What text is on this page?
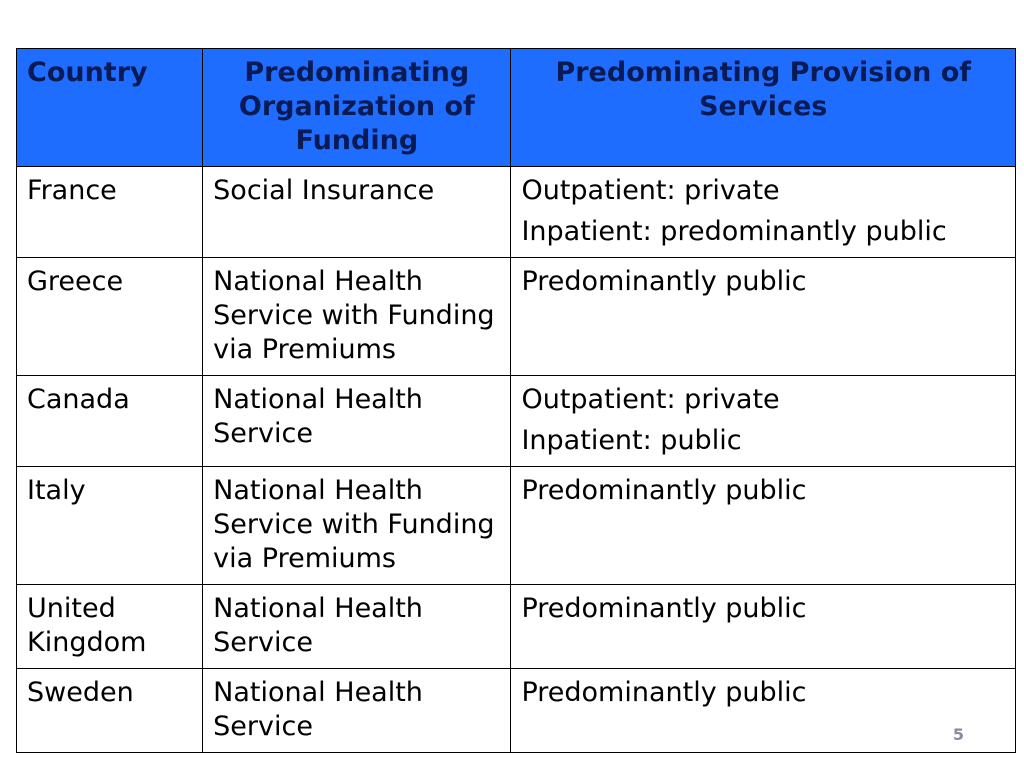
Country	Predominating Organization of Funding	Predominating Provision of Services
France	Social Insurance	Outpatient: private
Inpatient: predominantly public

Greece	National Health Service with Funding via Premiums	Predominantly public

Canada	National Health Service	Outpatient: private
Inpatient: public

Italy	National Health Service with Funding via Premiums	Predominantly public

United Kingdom	National Health Service	Predominantly public

Sweden	National Health Service	Predominantly public
5
